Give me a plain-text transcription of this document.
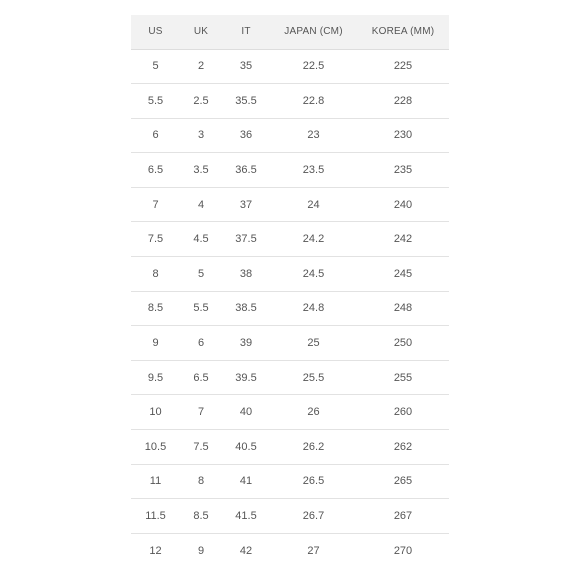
US	UK	IT	JAPAN (CM)	KOREA (MM)
5	2	35	22.5	225
5.5	2.5	35.5	22.8	228
6	3	36	23	230
6.5	3.5	36.5	23.5	235
7	4	37	24	240
7.5	4.5	37.5	24.2	242
8	5	38	24.5	245
8.5	5.5	38.5	24.8	248
9	6	39	25	250
9.5	6.5	39.5	25.5	255
10	7	40	26	260
10.5	7.5	40.5	26.2	262
11	8	41	26.5	265
11.5	8.5	41.5	26.7	267
12	9	42	27	270
